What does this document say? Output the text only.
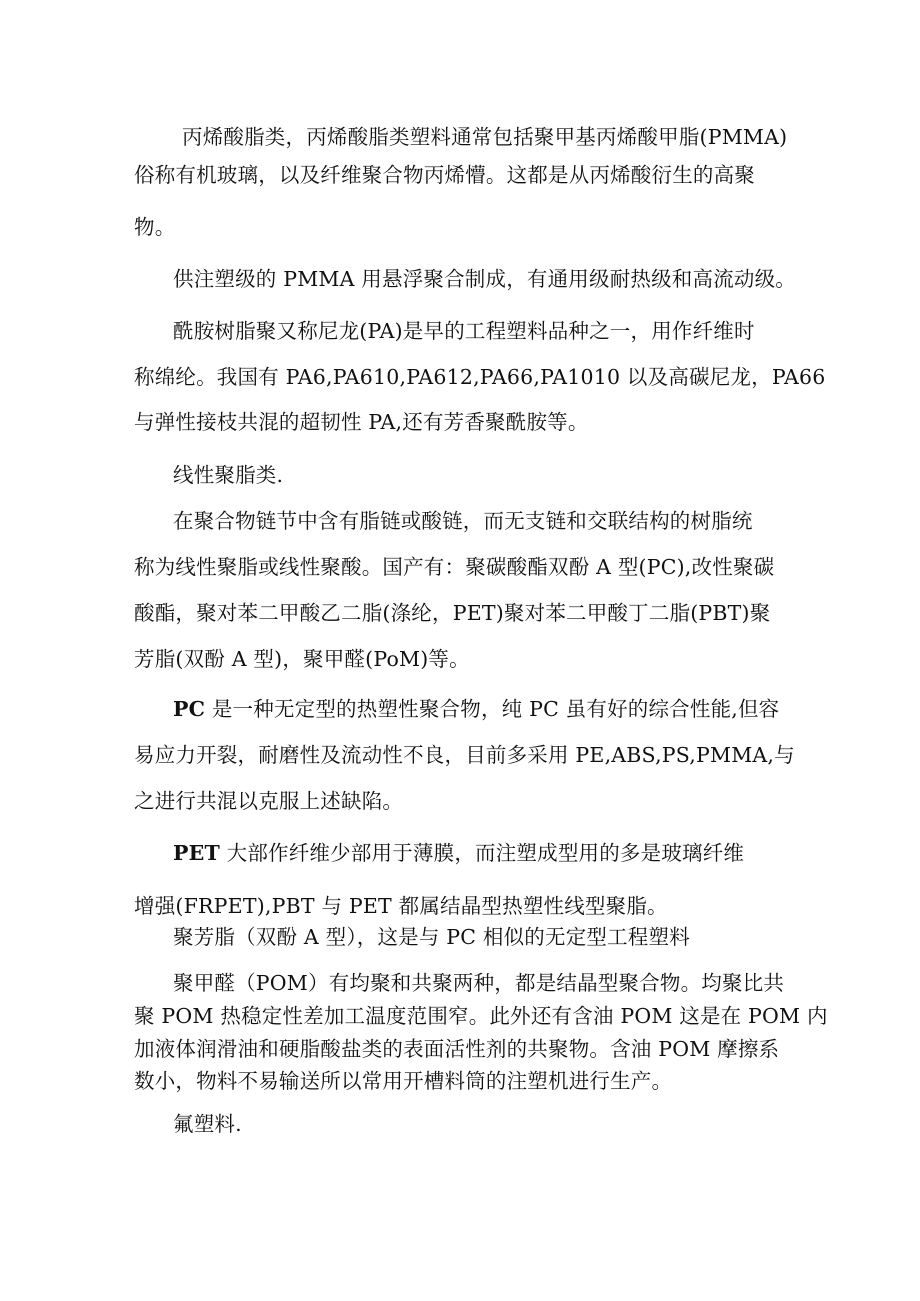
丙烯酸脂类，丙烯酸脂类塑料通常包括聚甲基丙烯酸甲脂(PMMA)
俗称有机玻璃，以及纤维聚合物丙烯懵。这都是从丙烯酸衍生的高聚
物。
供注塑级的 PMMA 用悬浮聚合制成，有通用级耐热级和高流动级。
酰胺树脂聚又称尼龙(PA)是早的工程塑料品种之一，用作纤维时
称绵纶。我国有 PA6,PA610,PA612,PA66,PA1010 以及高碳尼龙，PA66
与弹性接枝共混的超韧性 PA,还有芳香聚酰胺等。
线性聚脂类.
在聚合物链节中含有脂链或酸链，而无支链和交联结构的树脂统
称为线性聚脂或线性聚酸。国产有：聚碳酸酯双酚 A 型(PC),改性聚碳
酸酯，聚对苯二甲酸乙二脂(涤纶，PET)聚对苯二甲酸丁二脂(PBT)聚
芳脂(双酚 A 型)，聚甲醛(PoM)等。
PC 是一种无定型的热塑性聚合物，纯 PC 虽有好的综合性能,但容
易应力开裂，耐磨性及流动性不良，目前多采用 PE,ABS,PS,PMMA,与
之进行共混以克服上述缺陷。
PET 大部作纤维少部用于薄膜，而注塑成型用的多是玻璃纤维
增强(FRPET),PBT 与 PET 都属结晶型热塑性线型聚脂。
聚芳脂（双酚 A 型），这是与 PC 相似的无定型工程塑料
聚甲醛（POM）有均聚和共聚两种，都是结晶型聚合物。均聚比共
聚 POM 热稳定性差加工温度范围窄。此外还有含油 POM 这是在 POM 内
加液体润滑油和硬脂酸盐类的表面活性剂的共聚物。含油 POM 摩擦系
数小，物料不易输送所以常用开槽料筒的注塑机进行生产。
氟塑料.
